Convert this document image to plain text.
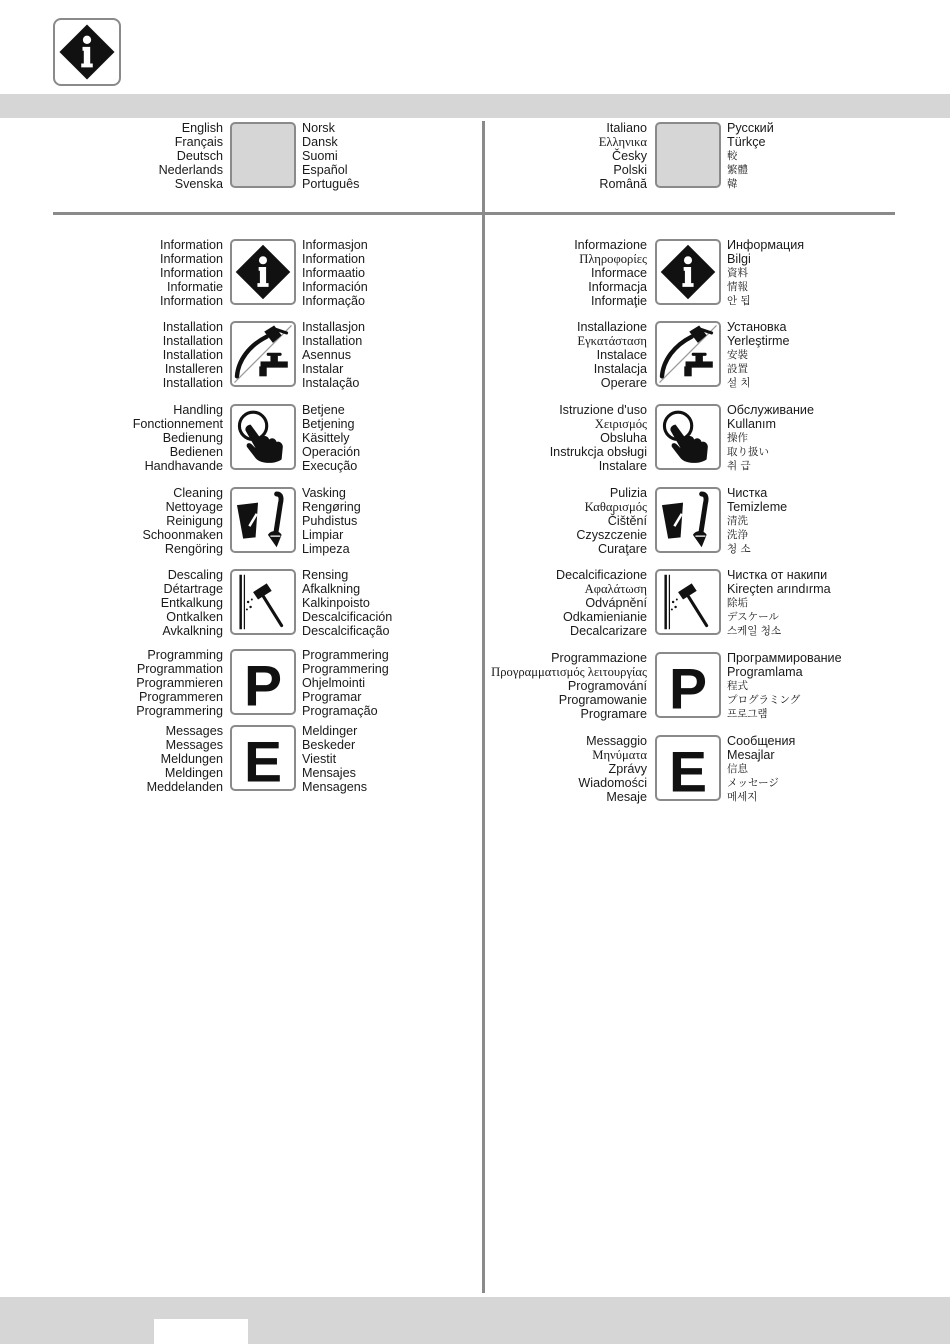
English
Français
Deutsch
Nederlands
Svenska
Norsk
Dansk
Suomi
Español
Português
Italiano
Ελληνικα
Česky
Polski
Română
Русский
Türkçe
較
繁體
韓
Information
Information
Information
Informatie
Information
Informasjon
Information
Informaatio
Información
Informação
Installation
Installation
Installation
Installeren
Installation
Installasjon
Installation
Asennus
Instalar
Instalação
Handling
Fonctionnement
Bedienung
Bedienen
Handhavande
Betjene
Betjening
Käsittely
Operación
Execução
Cleaning
Nettoyage
Reinigung
Schoonmaken
Rengöring
Vasking
Rengøring
Puhdistus
Limpiar
Limpeza
Descaling
Détartrage
Entkalkung
Ontkalken
Avkalkning
Rensing
Afkalkning
Kalkinpoisto
Descalcificación
Descalcificação
Programming
Programmation
Programmieren
Programmeren
Programmering P Programmering
Programmering
Ohjelmointi
Programar
Programação
Messages
Messages
Meldungen
Meldingen
Meddelanden E Meldinger
Beskeder
Viestit
Mensajes
Mensagens
Informazione
Πληροφορίες
Informace
Informacja
Informaţie
Информация
Bilgi
資料
情報
안 됩
Installazione
Εγκατάσταση
Instalace
Instalacja
Operare
Установка
Yerleştirme
安裝
設置
설 치
Istruzione d'uso
Χειρισμός
Obsluha
Instrukcja obsługi
Instalare
Обслуживание
Kullanım
操作
取り扱い
취 급
Pulizia
Καθαρισμός
Čištění
Czyszczenie
Curaţare
Чистка
Temizleme
清洗
洗浄
청 소
Decalcificazione
Αφαλάτωση
Odvápnění
Odkamienianie
Decalcarizare
Чистка от накипи
Kireçten arındırma
除垢
デスケール
스케일 청소
Programmazione
Προγραμματισμός λειτουργίας
Programování
Programowanie
Programare P Программирование
Programlama
程式
プログラミング
프로그램
Messaggio
Μηνύματα
Zprávy
Wiadomości
Mesaje E Сообщения
Mesajlar
信息
メッセージ
메세지
